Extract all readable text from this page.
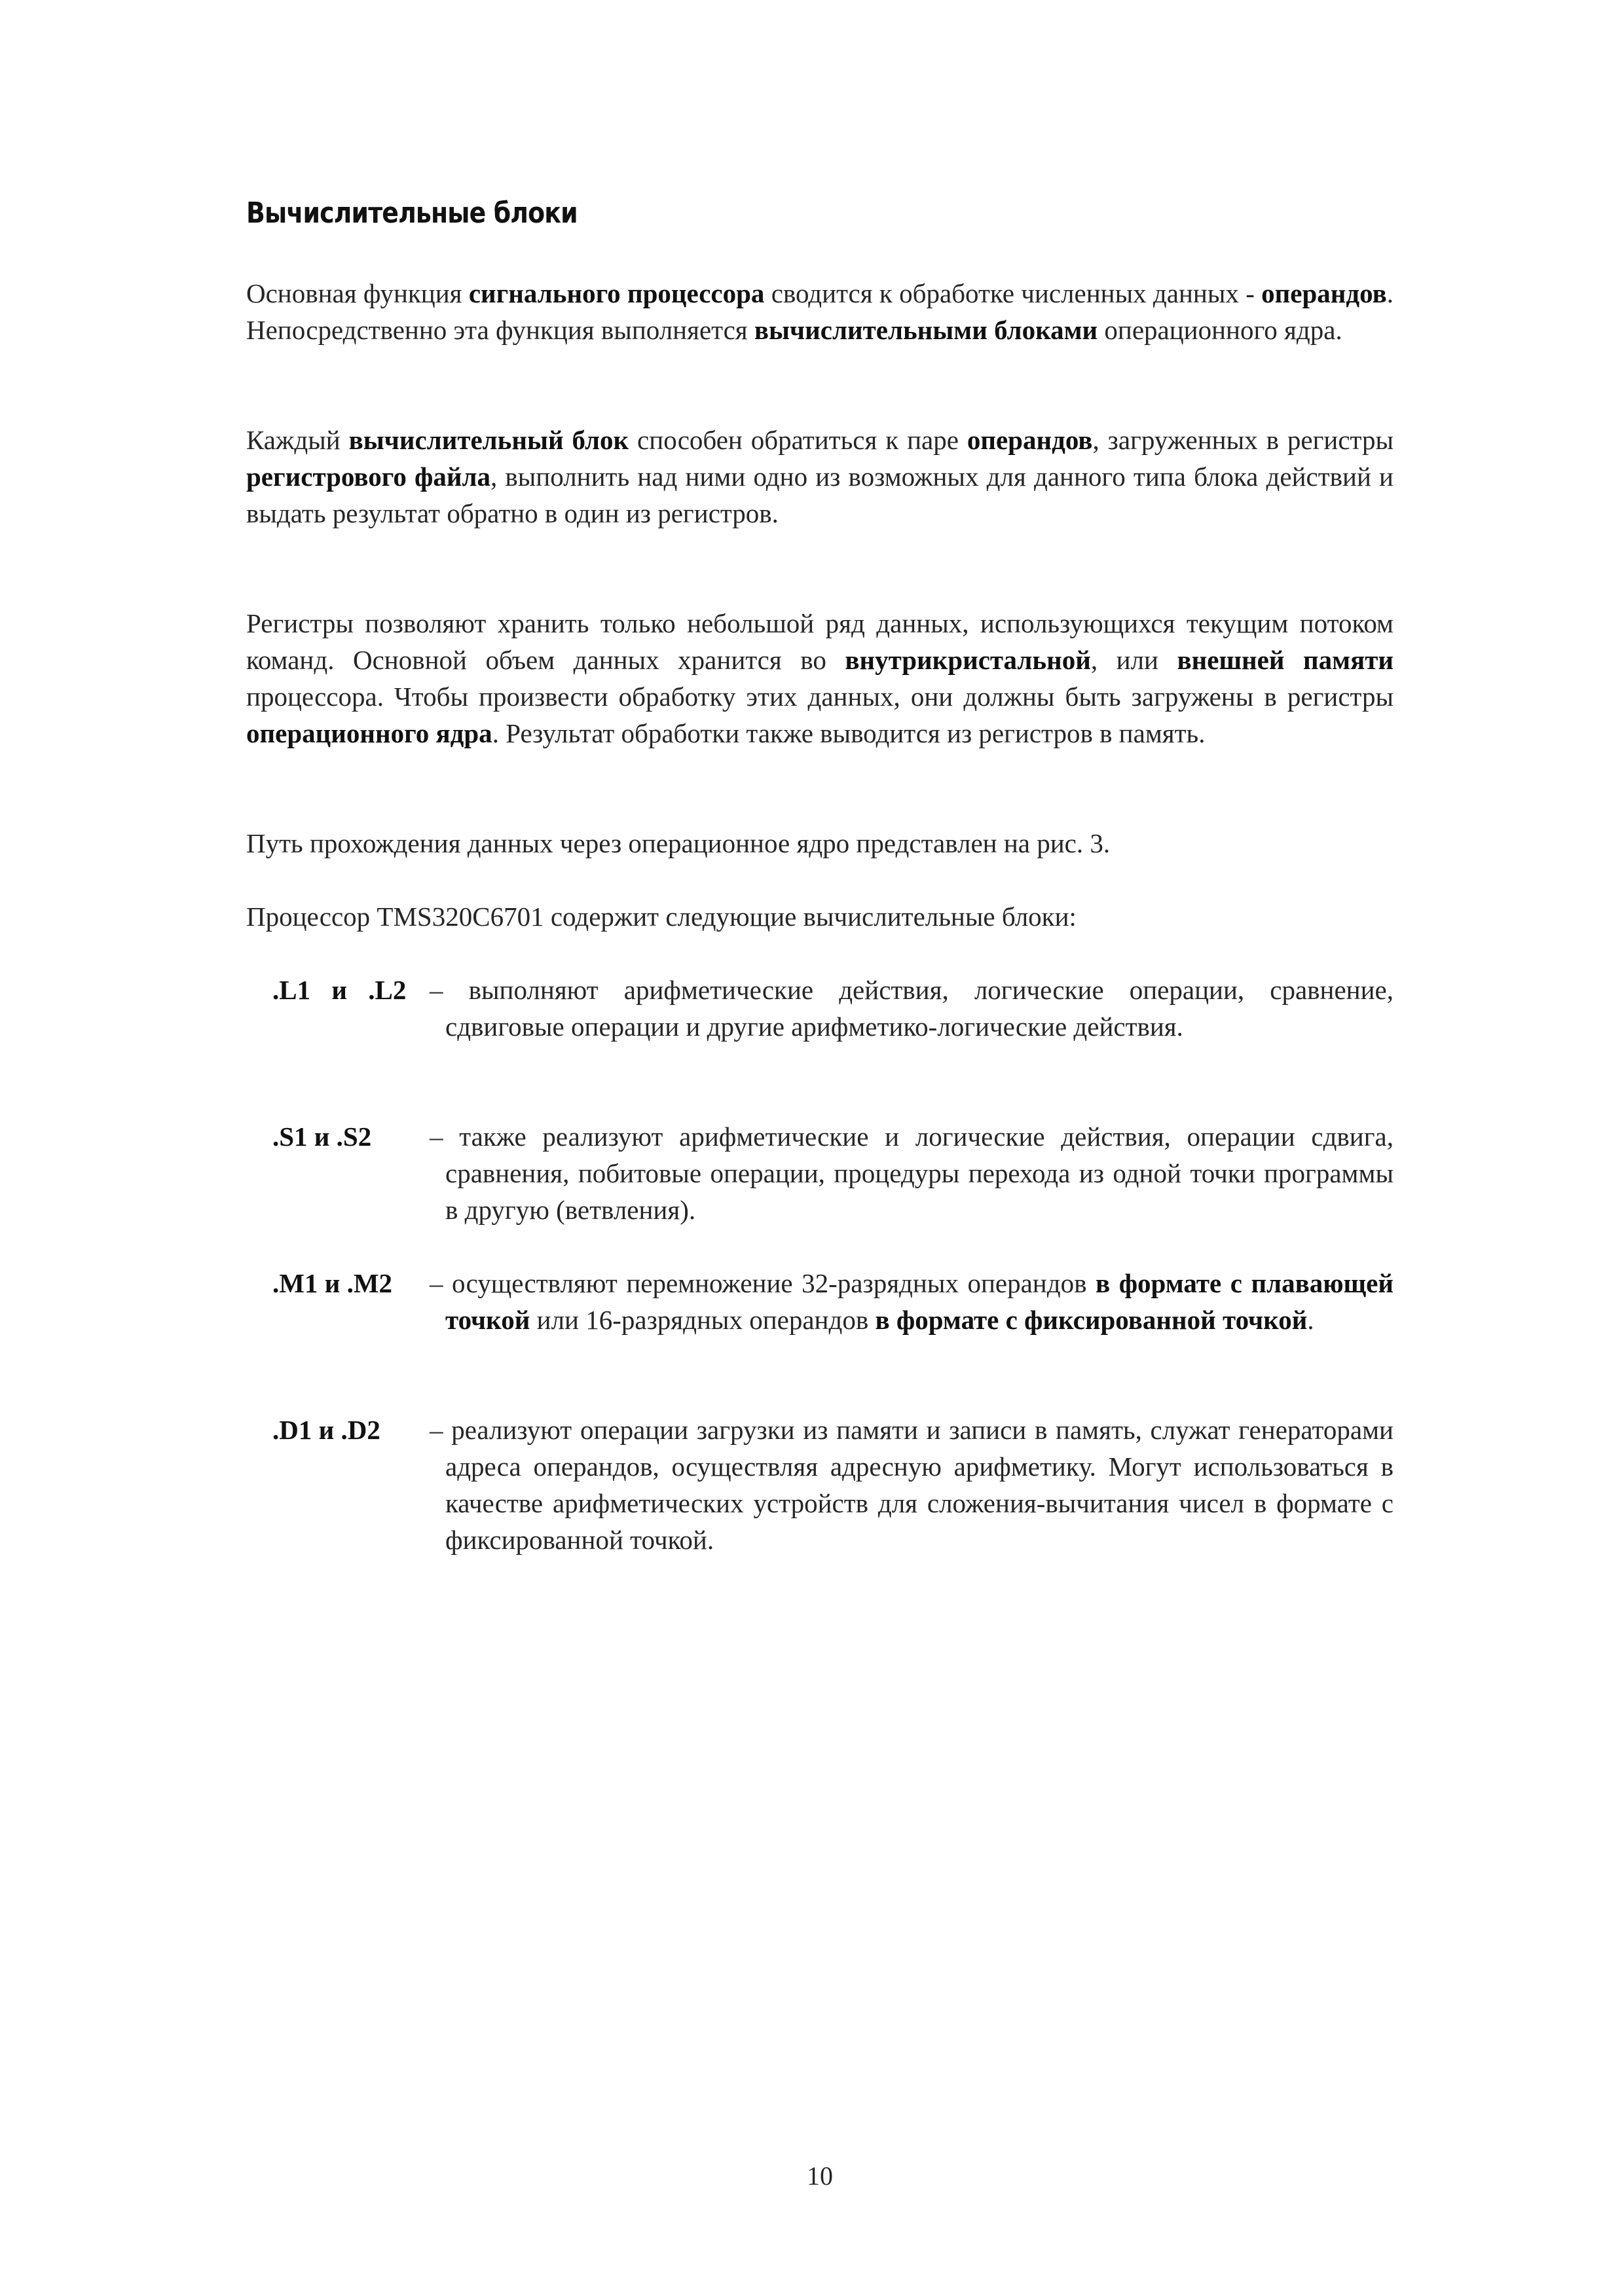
Вычислительные блоки

Основная функция сигнального процессора сводится к обработке численных данных - операндов. Непосредственно эта функция выполняется вычислительными блоками операционного ядра.

Каждый вычислительный блок способен обратиться к паре операндов, загруженных в регистры регистрового файла, выполнить над ними одно из возможных для данного типа блока действий и выдать результат обратно в один из регистров.

Регистры позволяют хранить только небольшой ряд данных, использующихся текущим потоком команд. Основной объем данных хранится во внутрикристальной, или внешней памяти процессора. Чтобы произвести обработку этих данных, они должны быть загружены в регистры операционного ядра. Результат обработки также выводится из регистров в память.

Путь прохождения данных через операционное ядро представлен на рис. 3.

Процессор TMS320C6701 содержит следующие вычислительные блоки:

.L1 и .L2 – выполняют арифметические действия, логические операции, сравнение, сдвиговые операции и другие арифметико-логические действия.

.S1 и .S2	– также реализуют арифметические и логические действия, операции сдвига, сравнения, побитовые операции, процедуры перехода из одной точки программы в другую (ветвления).

.M1 и .M2	– осуществляют перемножение 32-разрядных операндов в формате с плавающей точкой или 16-разрядных операндов в формате с фиксированной точкой.

.D1 и .D2	– реализуют операции загрузки из памяти и записи в память, служат генераторами адреса операндов, осуществляя адресную арифметику. Могут использоваться в качестве арифметических устройств для сложения-вычитания чисел в формате с фиксированной точкой.

10
